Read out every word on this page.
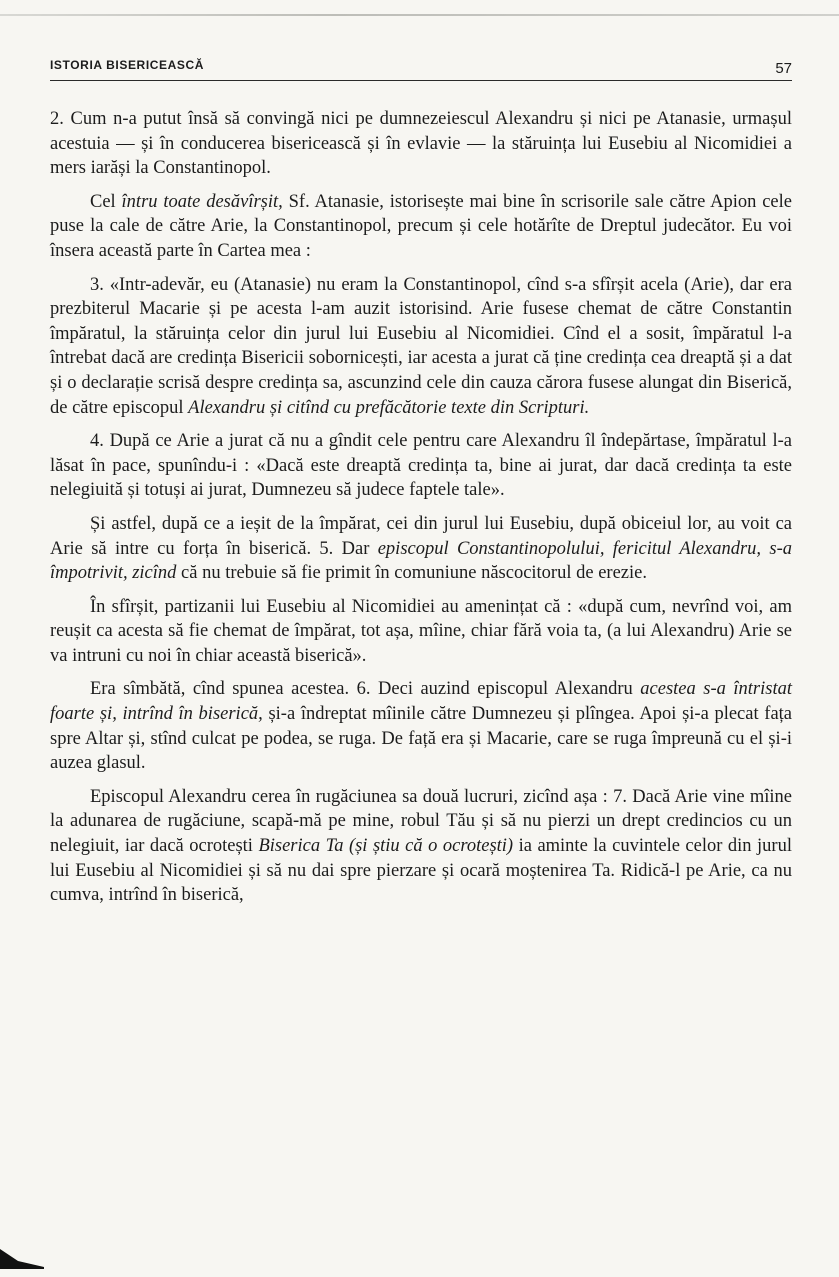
ISTORIA BISERICEASCĂ	57

2. Cum n-a putut însă să convingă nici pe dumnezeiescul Alexandru și nici pe Atanasie, urmașul acestuia — și în conducerea bisericească și în evlavie — la stăruința lui Eusebiu al Nicomidiei a mers iarăși la Constantinopol.

Cel întru toate desăvîrșit, Sf. Atanasie, istorisește mai bine în scrisorile sale către Apion cele puse la cale de către Arie, la Constantinopol, precum și cele hotărîte de Dreptul judecător. Eu voi însera această parte în Cartea mea :

3. «Intr-adevăr, eu (Atanasie) nu eram la Constantinopol, cînd s-a sfîrșit acela (Arie), dar era prezbiterul Macarie și pe acesta l-am auzit istorisind. Arie fusese chemat de către Constantin împăratul, la stăruința celor din jurul lui Eusebiu al Nicomidiei. Cînd el a sosit, împăratul l-a întrebat dacă are credința Bisericii sobornicești, iar acesta a jurat că ține credința cea dreaptă și a dat și o declarație scrisă despre credința sa, ascunzind cele din cauza cărora fusese alungat din Biserică, de către episcopul Alexandru și citînd cu prefăcătorie texte din Scripturi.

4. După ce Arie a jurat că nu a gîndit cele pentru care Alexandru îl îndepărtase, împăratul l-a lăsat în pace, spunîndu-i : «Dacă este dreaptă credința ta, bine ai jurat, dar dacă credința ta este nelegiuită și totuși ai jurat, Dumnezeu să judece faptele tale».

Și astfel, după ce a ieșit de la împărat, cei din jurul lui Eusebiu, după obiceiul lor, au voit ca Arie să intre cu forța în biserică. 5. Dar episcopul Constantinopolului, fericitul Alexandru, s-a împotrivit, zicînd că nu trebuie să fie primit în comuniune născocitorul de erezie.

În sfîrșit, partizanii lui Eusebiu al Nicomidiei au amenințat că : «după cum, nevrînd voi, am reușit ca acesta să fie chemat de împărat, tot așa, mîine, chiar fără voia ta, (a lui Alexandru) Arie se va intruni cu noi în chiar această biserică».

Era sîmbătă, cînd spunea acestea. 6. Deci auzind episcopul Alexandru acestea s-a întristat foarte și, intrînd în biserică, și-a îndreptat mîinile către Dumnezeu și plîngea. Apoi și-a plecat fața spre Altar și, stînd culcat pe podea, se ruga. De față era și Macarie, care se ruga împreună cu el și-i auzea glasul.

Episcopul Alexandru cerea în rugăciunea sa două lucruri, zicînd așa : 7. Dacă Arie vine mîine la adunarea de rugăciune, scapă-mă pe mine, robul Tău și să nu pierzi un drept credincios cu un nelegiuit, iar dacă ocrotești Biserica Ta (și știu că o ocrotești) ia aminte la cuvintele celor din jurul lui Eusebiu al Nicomidiei și să nu dai spre pierzare și ocară moștenirea Ta. Ridică-l pe Arie, ca nu cumva, intrînd în biserică,
